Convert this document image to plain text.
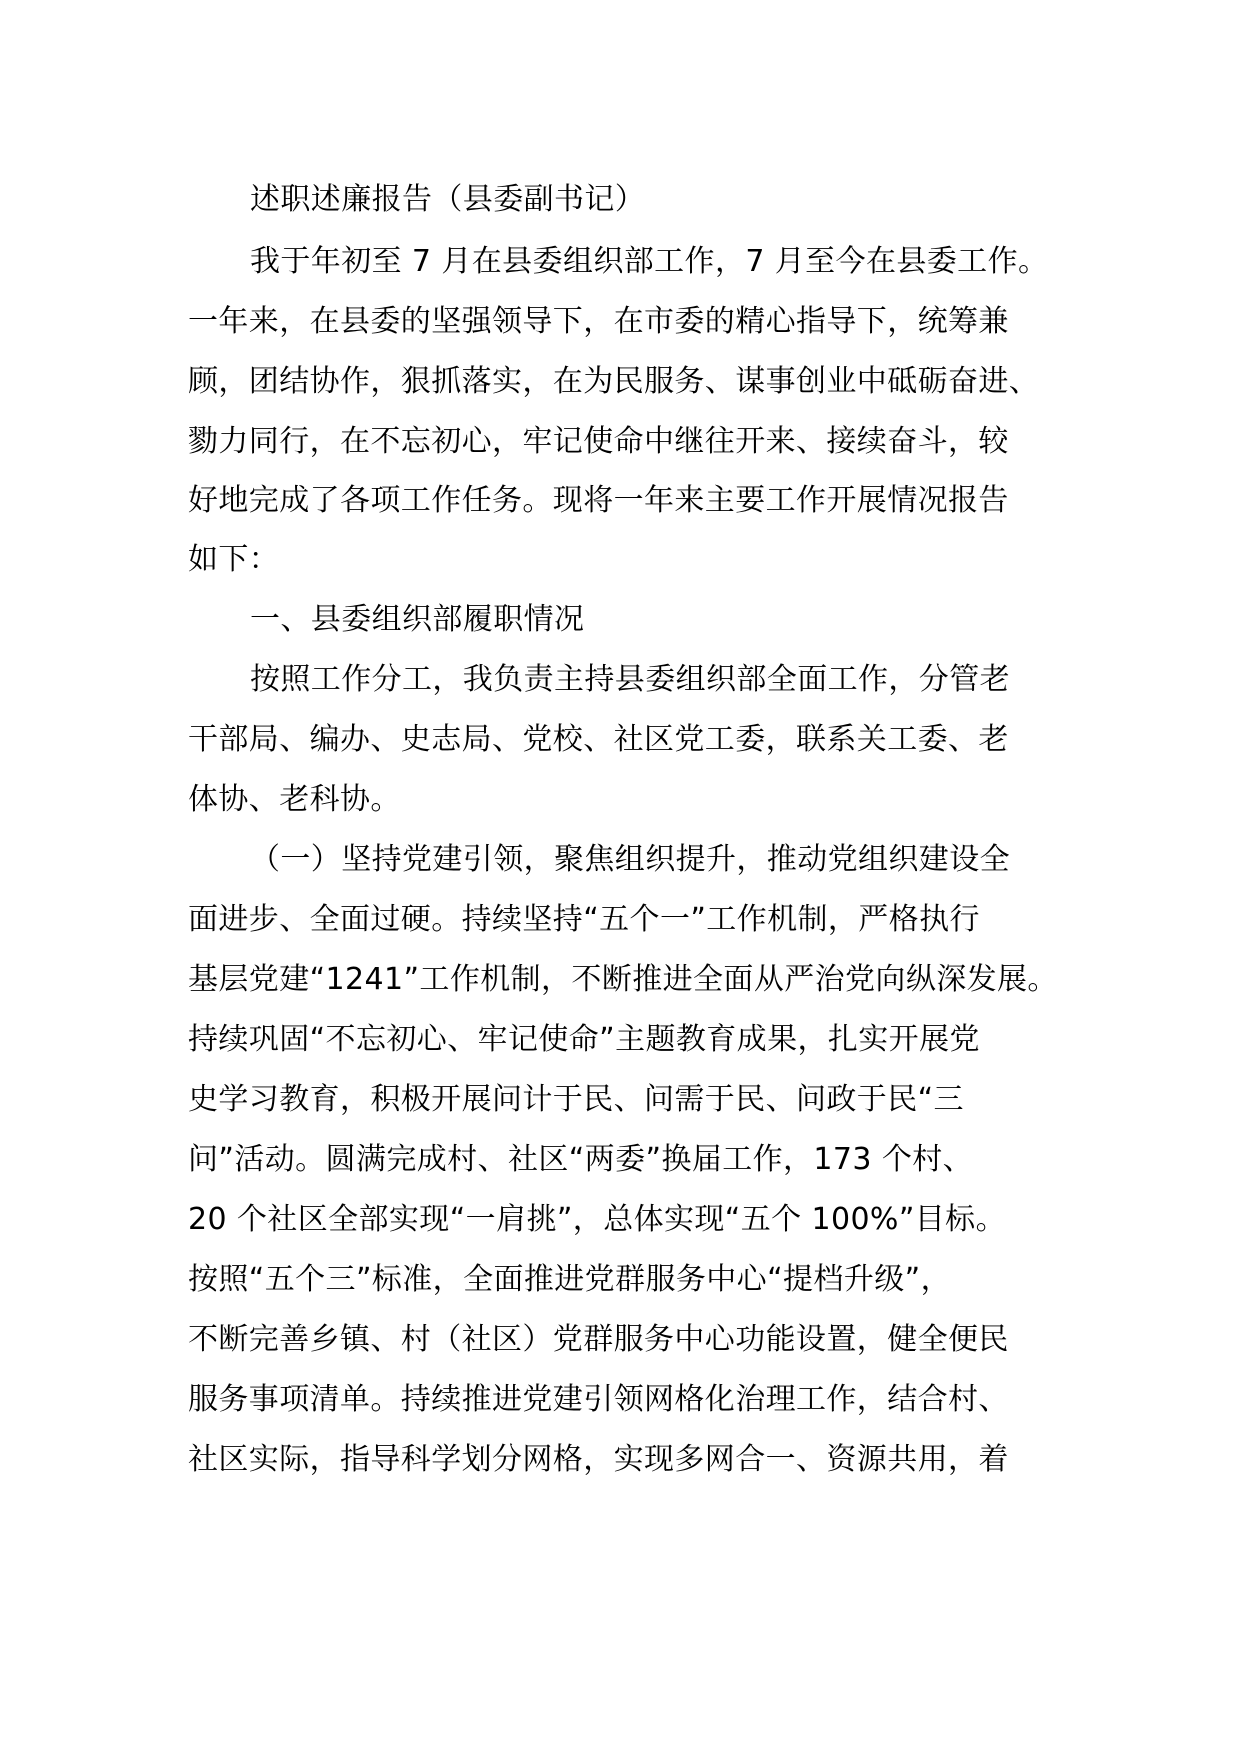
述职述廉报告（县委副书记）

我于年初至 7 月在县委组织部工作，7 月至今在县委工作。

一年来，在县委的坚强领导下，在市委的精心指导下，统筹兼

顾，团结协作，狠抓落实，在为民服务、谋事创业中砥砺奋进、

勠力同行，在不忘初心，牢记使命中继往开来、接续奋斗，较

好地完成了各项工作任务。现将一年来主要工作开展情况报告

如下：

一、县委组织部履职情况

按照工作分工，我负责主持县委组织部全面工作，分管老

干部局、编办、史志局、党校、社区党工委，联系关工委、老

体协、老科协。

（一）坚持党建引领，聚焦组织提升，推动党组织建设全

面进步、全面过硬。持续坚持“五个一”工作机制，严格执行

基层党建“1241”工作机制，不断推进全面从严治党向纵深发展。

持续巩固“不忘初心、牢记使命”主题教育成果，扎实开展党

史学习教育，积极开展问计于民、问需于民、问政于民“三

问”活动。圆满完成村、社区“两委”换届工作，173 个村、

20 个社区全部实现“一肩挑”，总体实现“五个 100%”目标。

按照“五个三”标准，全面推进党群服务中心“提档升级”，

不断完善乡镇、村（社区）党群服务中心功能设置，健全便民

服务事项清单。持续推进党建引领网格化治理工作，结合村、

社区实际，指导科学划分网格，实现多网合一、资源共用，着
